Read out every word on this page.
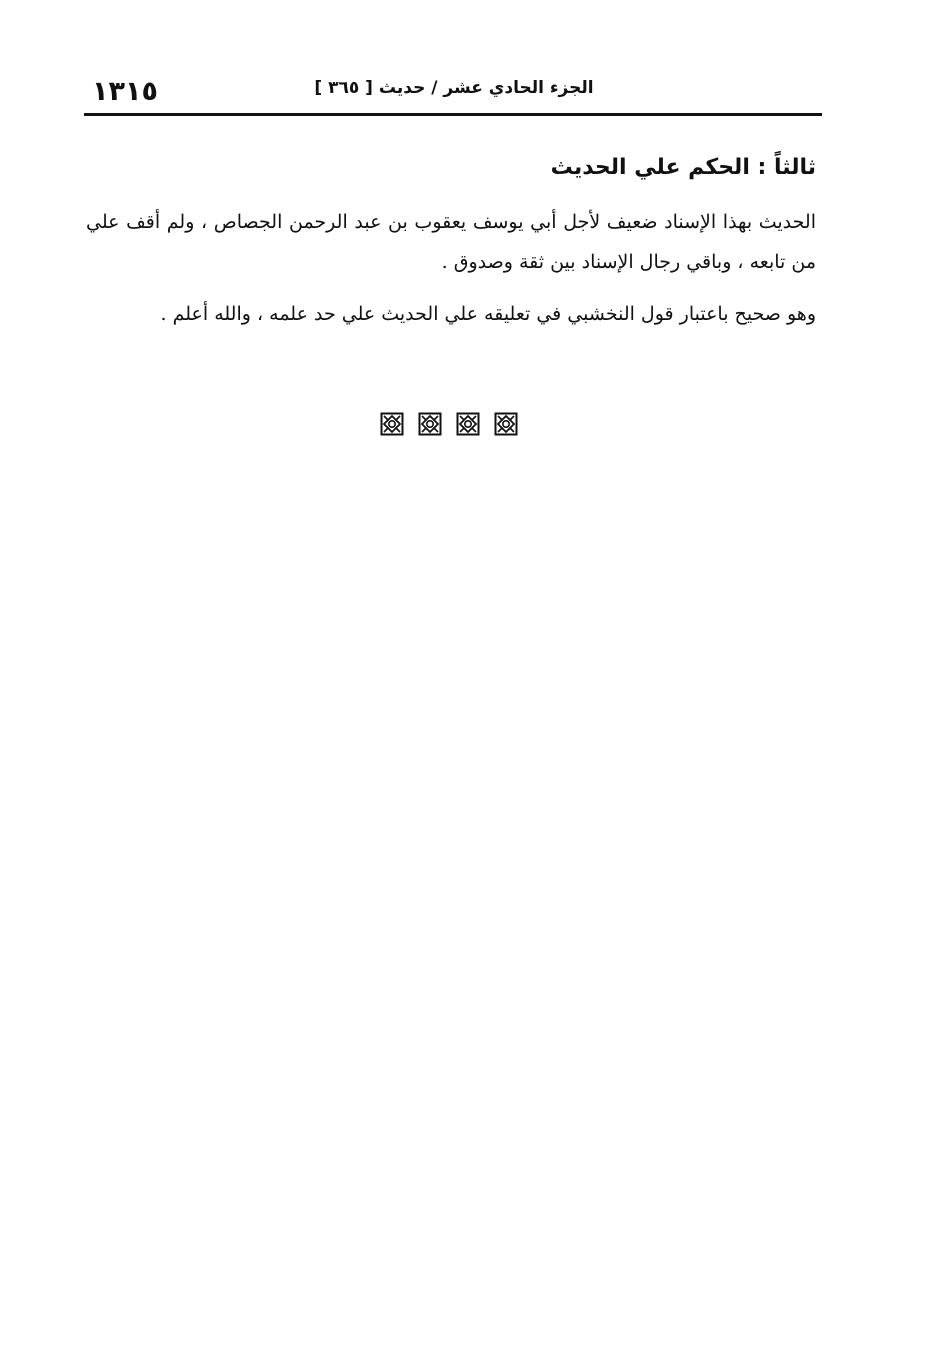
١٣١٥	الجزء الحادي عشر / حديث [ ٣٦٥ ]
ثالثاً : الحكم علي الحديث

الحديث بهذا الإسناد ضعيف لأجل أبي يوسف يعقوب بن عبد الرحمن الجصاص ، ولم أقف علي من تابعه ، وباقي رجال الإسناد بين ثقة وصدوق .

وهو صحيح باعتبار قول النخشبي في تعليقه علي الحديث علي حد علمه ، والله أعلم .
